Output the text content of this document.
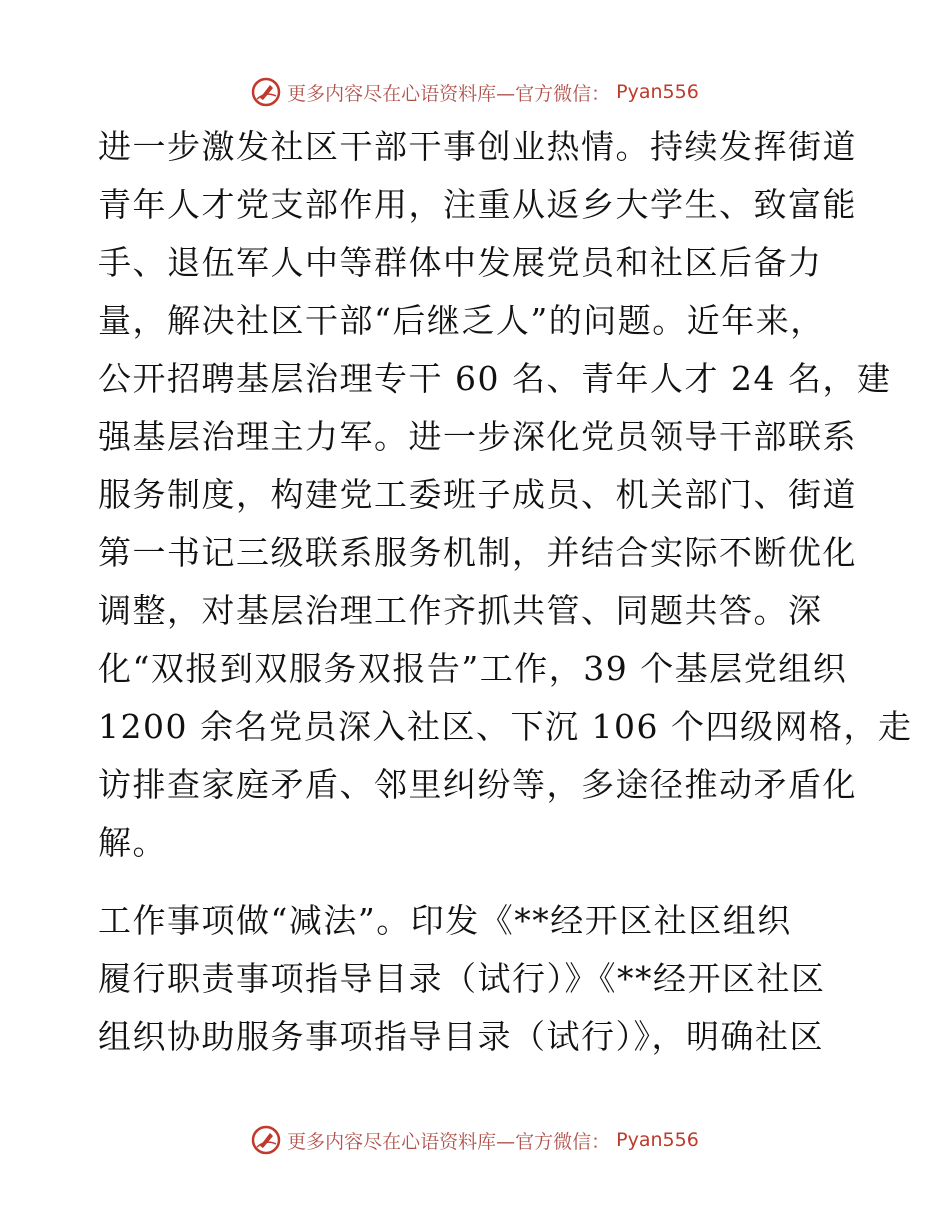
更多内容尽在心语资料库—官方微信： Pyan556
进一步激发社区干部干事创业热情。持续发挥街道
青年人才党支部作用，注重从返乡大学生、致富能
手、退伍军人中等群体中发展党员和社区后备力
量，解决社区干部“后继乏人”的问题。近年来，
公开招聘基层治理专干 60 名、青年人才 24 名，建
强基层治理主力军。进一步深化党员领导干部联系
服务制度，构建党工委班子成员、机关部门、街道
第一书记三级联系服务机制，并结合实际不断优化
调整，对基层治理工作齐抓共管、同题共答。深
化“双报到双服务双报告”工作，39 个基层党组织
1200 余名党员深入社区、下沉 106 个四级网格，走
访排查家庭矛盾、邻里纠纷等，多途径推动矛盾化
解。
工作事项做“减法”。印发《**经开区社区组织
履行职责事项指导目录（试行）》《**经开区社区
组织协助服务事项指导目录（试行）》，明确社区
更多内容尽在心语资料库—官方微信： Pyan556
